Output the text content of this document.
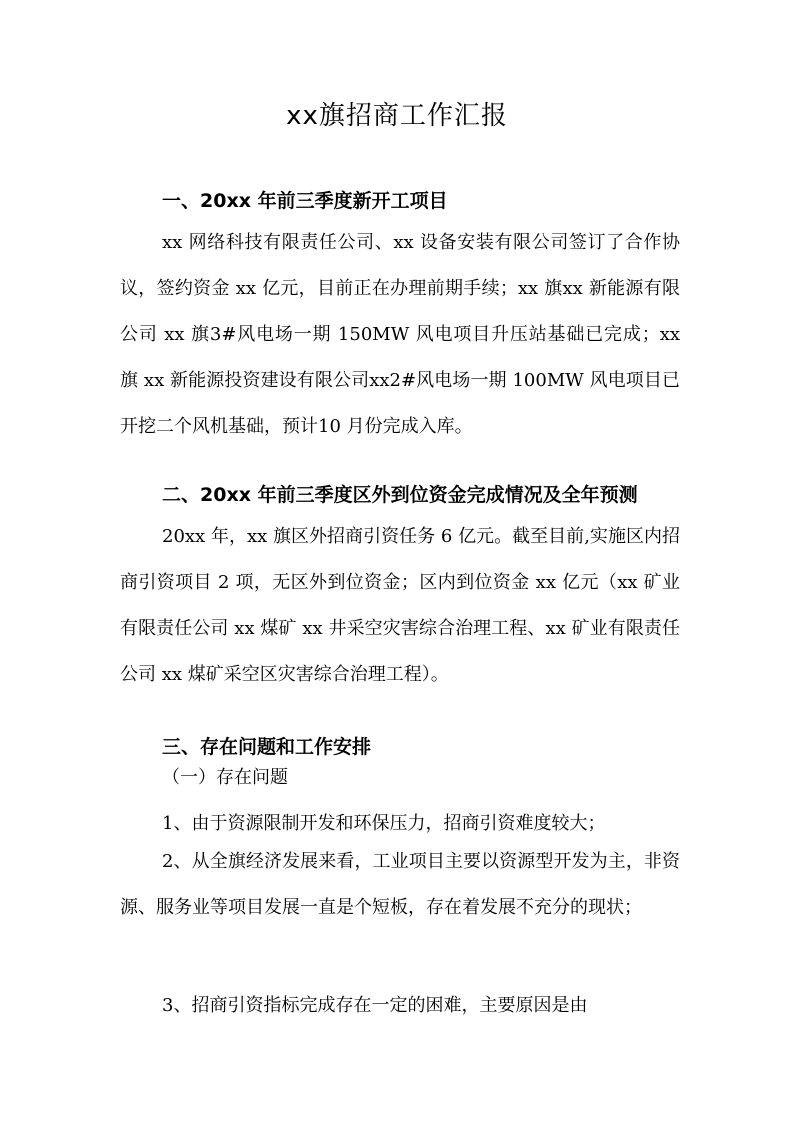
xx旗招商工作汇报
一、20xx 年前三季度新开工项目
xx 网络科技有限责任公司、xx 设备安装有限公司签订了合作协议，签约资金 xx 亿元，目前正在办理前期手续；xx 旗xx 新能源有限公司 xx 旗3#风电场一期 150MW 风电项目升压站基础已完成；xx 旗 xx 新能源投资建设有限公司xx2#风电场一期 100MW 风电项目已开挖二个风机基础，预计10 月份完成入库。
二、20xx 年前三季度区外到位资金完成情况及全年预测
20xx 年，xx 旗区外招商引资任务 6 亿元。截至目前,实施区内招商引资项目 2 项，无区外到位资金；区内到位资金 xx 亿元（xx 矿业有限责任公司 xx 煤矿 xx 井采空灾害综合治理工程、xx 矿业有限责任公司 xx 煤矿采空区灾害综合治理工程）。
三、存在问题和工作安排
（一）存在问题
1、由于资源限制开发和环保压力，招商引资难度较大；
2、从全旗经济发展来看，工业项目主要以资源型开发为主，非资源、服务业等项目发展一直是个短板，存在着发展不充分的现状；
3、招商引资指标完成存在一定的困难，主要原因是由
